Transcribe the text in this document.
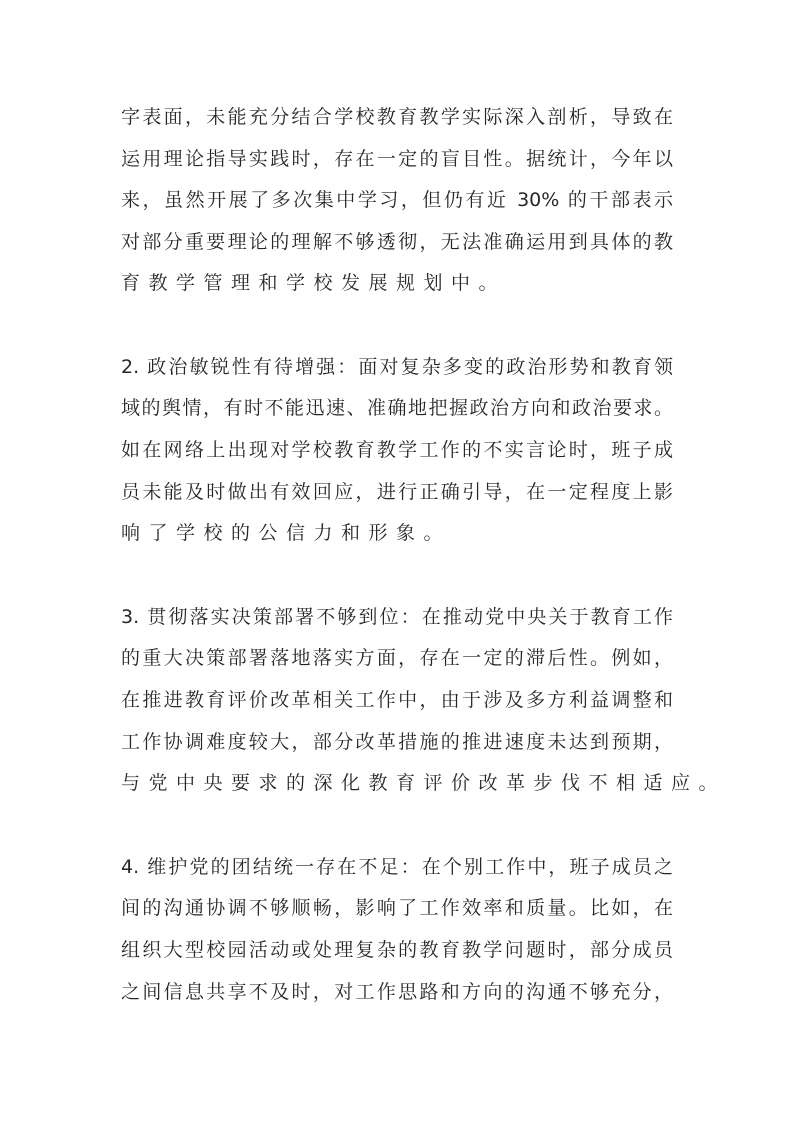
字表面，未能充分结合学校教育教学实际深入剖析，导致在
运用理论指导实践时，存在一定的盲目性。据统计，今年以
来，虽然开展了多次集中学习，但仍有近 30% 的干部表示
对部分重要理论的理解不够透彻，无法准确运用到具体的教
育教学管理和学校发展规划中。
2. 政治敏锐性有待增强：面对复杂多变的政治形势和教育领
域的舆情，有时不能迅速、准确地把握政治方向和政治要求。
如在网络上出现对学校教育教学工作的不实言论时，班子成
员未能及时做出有效回应，进行正确引导，在一定程度上影
响了学校的公信力和形象。
3. 贯彻落实决策部署不够到位：在推动党中央关于教育工作
的重大决策部署落地落实方面，存在一定的滞后性。例如，
在推进教育评价改革相关工作中，由于涉及多方利益调整和
工作协调难度较大，部分改革措施的推进速度未达到预期，
与党中央要求的深化教育评价改革步伐不相适应。
4. 维护党的团结统一存在不足：在个别工作中，班子成员之
间的沟通协调不够顺畅，影响了工作效率和质量。比如，在
组织大型校园活动或处理复杂的教育教学问题时，部分成员
之间信息共享不及时，对工作思路和方向的沟通不够充分，
